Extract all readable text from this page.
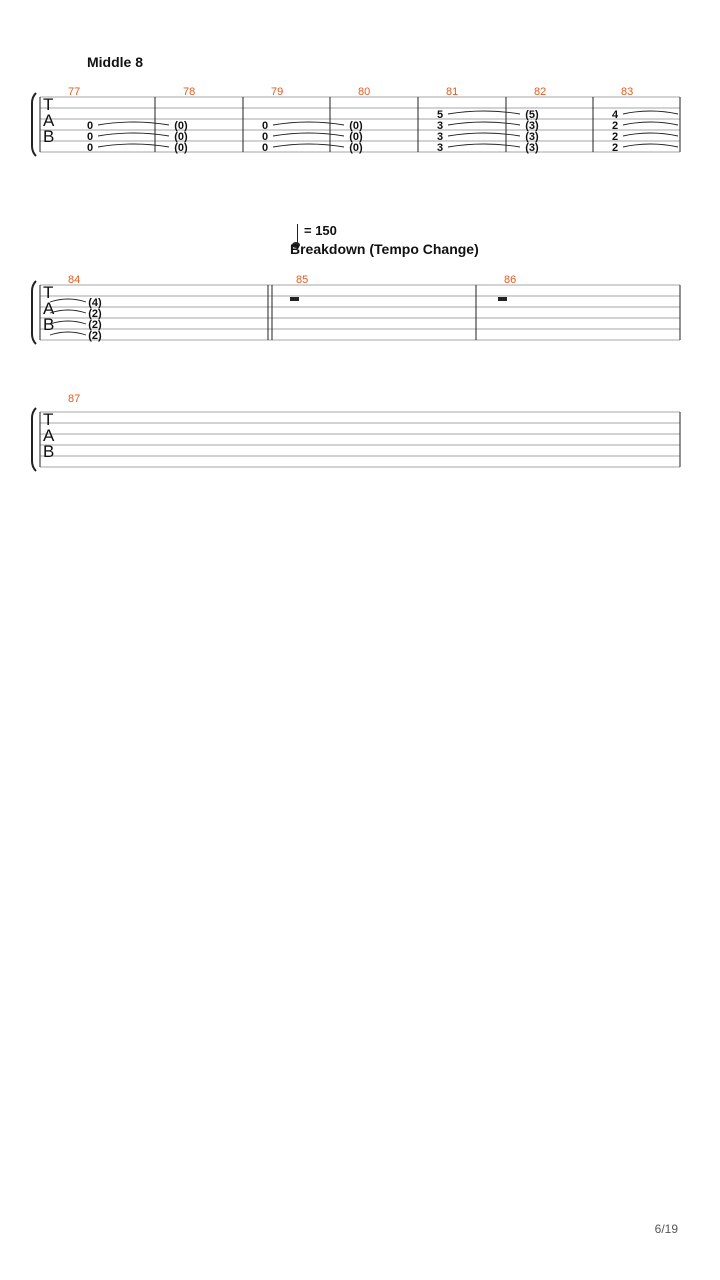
Middle 8
= 150
Breakdown (Tempo Change)
T
A
B
77
0
0
0
78
(0)
(0)
(0)
79
0
0
0
80
(0)
(0)
(0)
81
5
3
3
3
82
(5)
(3)
(3)
(3)
83
4
2
2
2
T
A
B
84
(4)
(2)
(2)
(2)
85	86
T
A
B
87
6/19
